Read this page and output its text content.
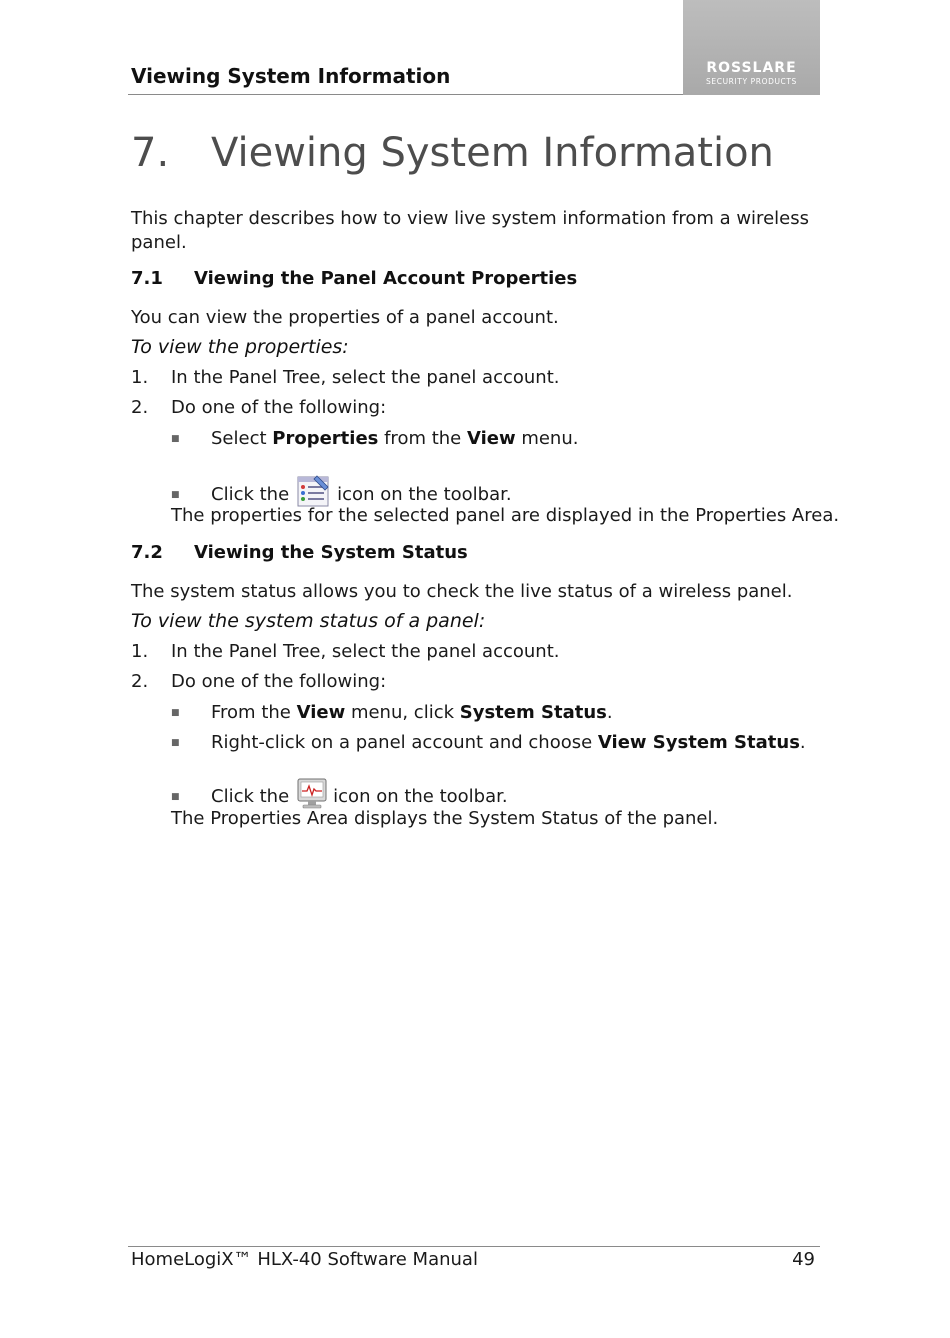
Viewing System Information	ROSSLARE
SECURITY PRODUCTS
7. Viewing System Information
This chapter describes how to view live system information from a wireless panel.
7.1 Viewing the Panel Account Properties
You can view the properties of a panel account.
To view the properties:
1. In the Panel Tree, select the panel account.
2. Do one of the following:
■ Select Properties from the View menu.
■ Click the	icon on the toolbar.
The properties for the selected panel are displayed in the Properties Area.
7.2 Viewing the System Status
The system status allows you to check the live status of a wireless panel.
To view the system status of a panel:
1. In the Panel Tree, select the panel account.
2. Do one of the following:
■ From the View menu, click System Status.
■ Right-click on a panel account and choose View System Status.
■ Click the icon on the toolbar.
The Properties Area displays the System Status of the panel.
HomeLogiX™ HLX-40 Software Manual	49
